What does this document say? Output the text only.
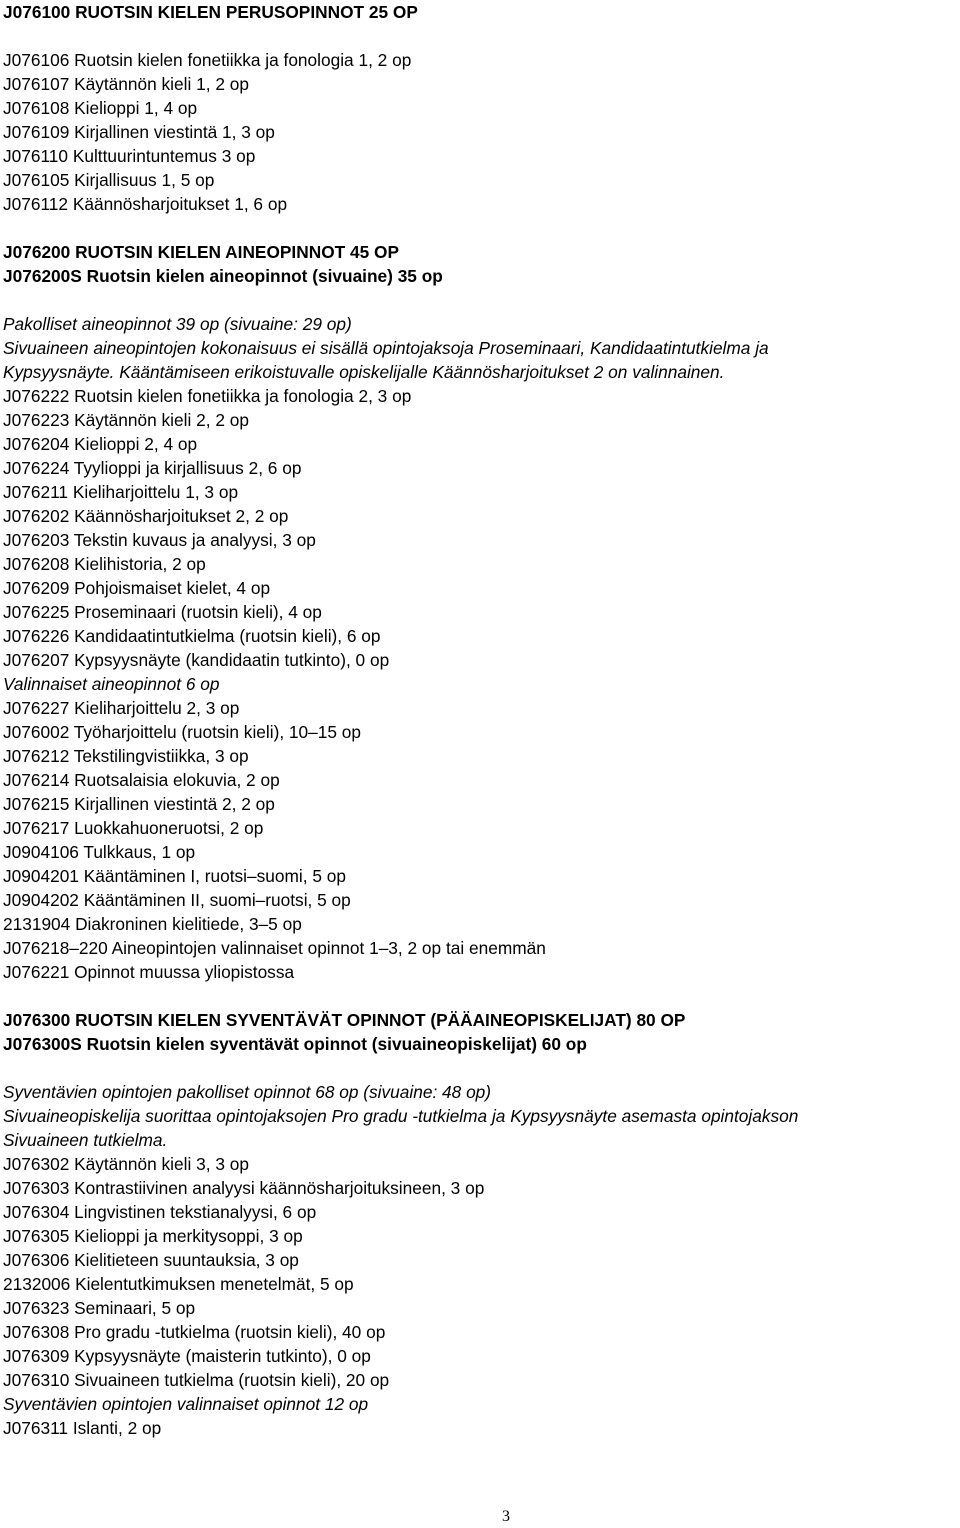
J076100 RUOTSIN KIELEN PERUSOPINNOT 25 OP
J076106 Ruotsin kielen fonetiikka ja fonologia 1, 2 op
J076107 Käytännön kieli 1, 2 op
J076108 Kielioppi 1, 4 op
J076109 Kirjallinen viestintä 1, 3 op
J076110 Kulttuurintuntemus 3 op
J076105 Kirjallisuus 1, 5 op
J076112 Käännösharjoitukset 1, 6 op
J076200 RUOTSIN KIELEN AINEOPINNOT 45 OP
J076200S Ruotsin kielen aineopinnot (sivuaine) 35 op
Pakolliset aineopinnot 39 op (sivuaine: 29 op)
Sivuaineen aineopintojen kokonaisuus ei sisällä opintojaksoja Proseminaari, Kandidaatintutkielma ja
Kypsyysnäyte. Kääntämiseen erikoistuvalle opiskelijalle Käännösharjoitukset 2 on valinnainen.
J076222 Ruotsin kielen fonetiikka ja fonologia 2, 3 op
J076223 Käytännön kieli 2, 2 op
J076204 Kielioppi 2, 4 op
J076224 Tyylioppi ja kirjallisuus 2, 6 op
J076211 Kieliharjoittelu 1, 3 op
J076202 Käännösharjoitukset 2, 2 op
J076203 Tekstin kuvaus ja analyysi, 3 op
J076208 Kielihistoria, 2 op
J076209 Pohjoismaiset kielet, 4 op
J076225 Proseminaari (ruotsin kieli), 4 op
J076226 Kandidaatintutkielma (ruotsin kieli), 6 op
J076207 Kypsyysnäyte (kandidaatin tutkinto), 0 op
Valinnaiset aineopinnot 6 op
J076227 Kieliharjoittelu 2, 3 op
J076002 Työharjoittelu (ruotsin kieli), 10–15 op
J076212 Tekstilingvistiikka, 3 op
J076214 Ruotsalaisia elokuvia, 2 op
J076215 Kirjallinen viestintä 2, 2 op
J076217 Luokkahuoneruotsi, 2 op
J0904106 Tulkkaus, 1 op
J0904201 Kääntäminen I, ruotsi–suomi, 5 op
J0904202 Kääntäminen II, suomi–ruotsi, 5 op
2131904 Diakroninen kielitiede, 3–5 op
J076218–220 Aineopintojen valinnaiset opinnot 1–3, 2 op tai enemmän
J076221 Opinnot muussa yliopistossa
J076300 RUOTSIN KIELEN SYVENTÄVÄT OPINNOT (PÄÄAINEOPISKELIJAT) 80 OP
J076300S Ruotsin kielen syventävät opinnot (sivuaineopiskelijat) 60 op
Syventävien opintojen pakolliset opinnot 68 op (sivuaine: 48 op)
Sivuaineopiskelija suorittaa opintojaksojen Pro gradu -tutkielma ja Kypsyysnäyte asemasta opintojakson
Sivuaineen tutkielma.
J076302 Käytännön kieli 3, 3 op
J076303 Kontrastiivinen analyysi käännösharjoituksineen, 3 op
J076304 Lingvistinen tekstianalyysi, 6 op
J076305 Kielioppi ja merkitysoppi, 3 op
J076306 Kielitieteen suuntauksia, 3 op
2132006 Kielentutkimuksen menetelmät, 5 op
J076323 Seminaari, 5 op
J076308 Pro gradu -tutkielma (ruotsin kieli), 40 op
J076309 Kypsyysnäyte (maisterin tutkinto), 0 op
J076310 Sivuaineen tutkielma (ruotsin kieli), 20 op
Syventävien opintojen valinnaiset opinnot 12 op
J076311 Islanti, 2 op
3
